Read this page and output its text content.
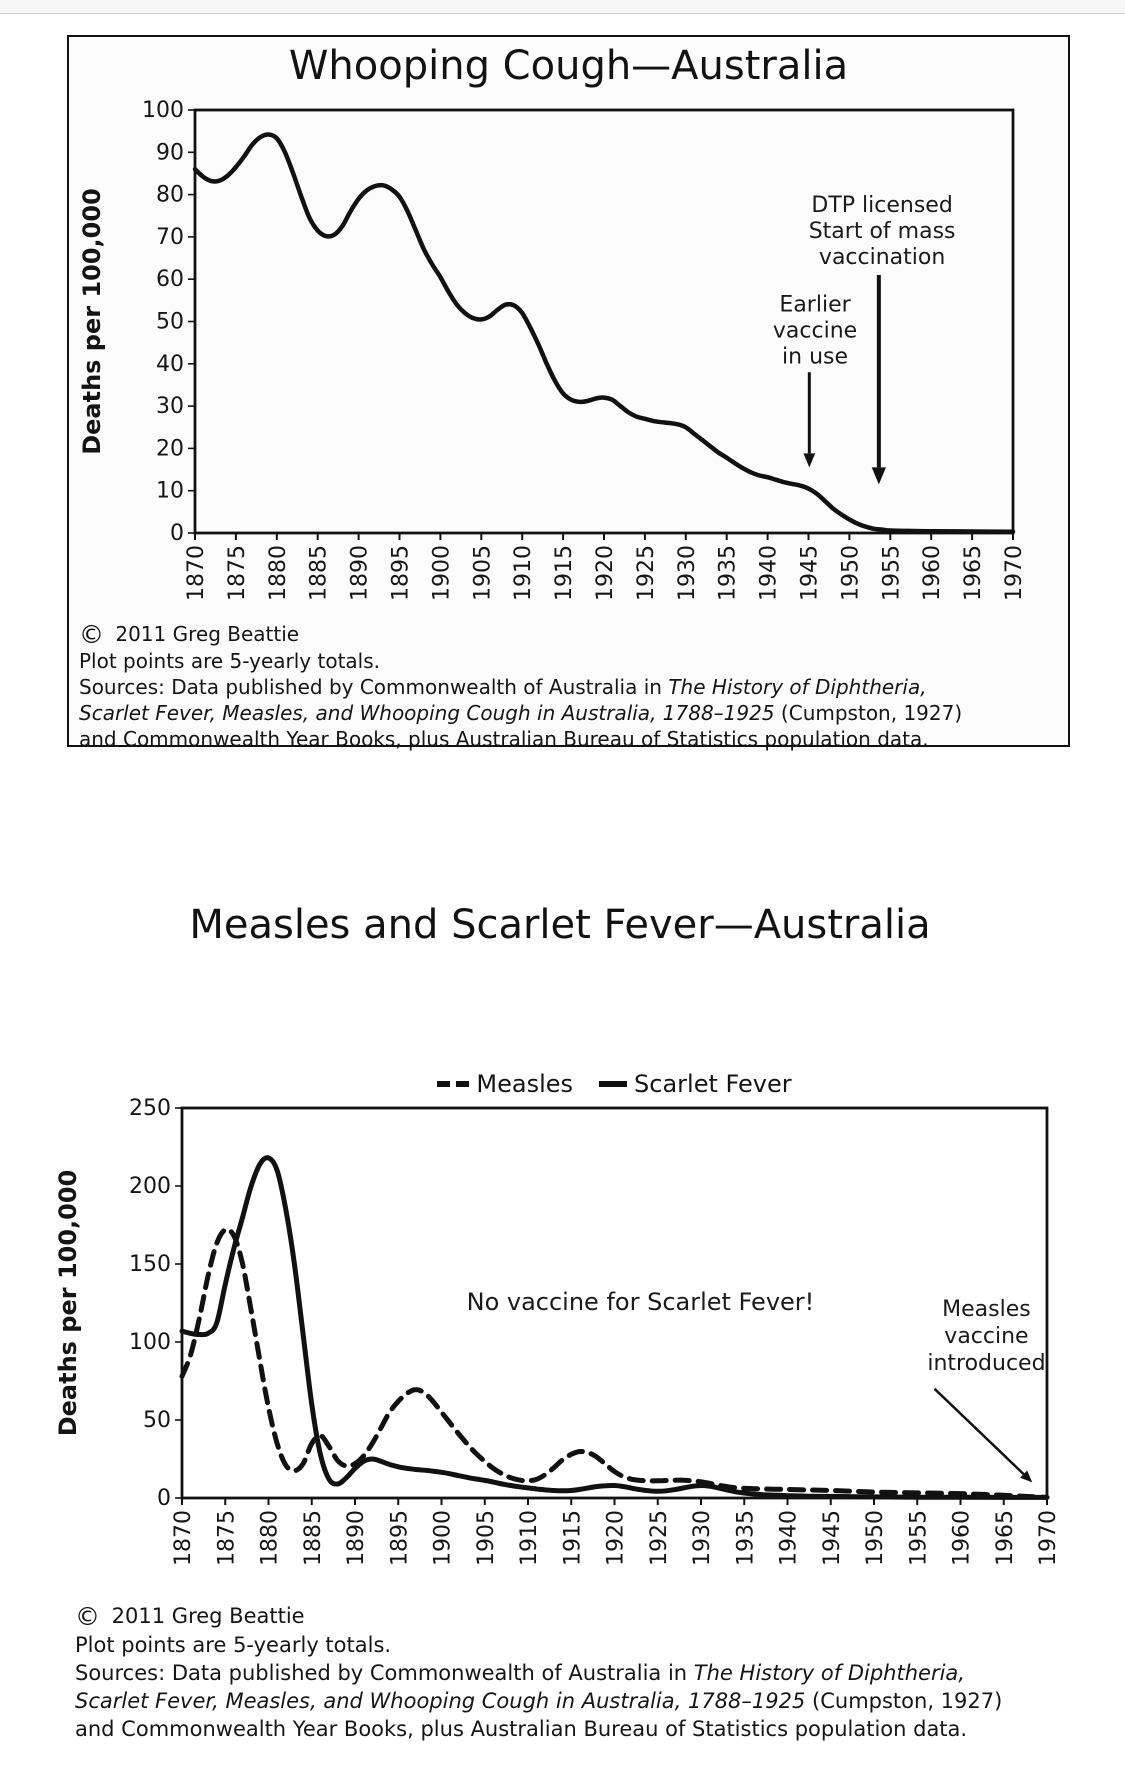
Whooping Cough—Australia
0
10
20
30
40
50
60
70
80
90
100
1870 1875 1880 1885 1890 1895 1900 1905 1910 1915 1920 1925 1930 1935 1940 1945 1950 1955 1960 1965 1970
Deaths per 100,000	DTP licensed
Start of mass
vaccination
Earlier
vaccine
in use
© 2011 Greg Beattie
Plot points are 5-yearly totals.
Sources: Data published by Commonwealth of Australia in The History of Diphtheria,
Scarlet Fever, Measles, and Whooping Cough in Australia, 1788–1925 (Cumpston, 1927)
and Commonwealth Year Books, plus Australian Bureau of Statistics population data.
Measles and Scarlet Fever—Australia
Measles	Scarlet Fever
0
50
100
150
200
250
1870 1875 1880 1885 1890 1895 1900 1905 1910 1915 1920 1925 1930 1935 1940 1945 1950 1955 1960 1965 1970
Deaths per 100,000	No vaccine for Scarlet Fever!	Measles
vaccine
introduced
© 2011 Greg Beattie
Plot points are 5-yearly totals.
Sources: Data published by Commonwealth of Australia in The History of Diphtheria,
Scarlet Fever, Measles, and Whooping Cough in Australia, 1788–1925 (Cumpston, 1927)
and Commonwealth Year Books, plus Australian Bureau of Statistics population data.
